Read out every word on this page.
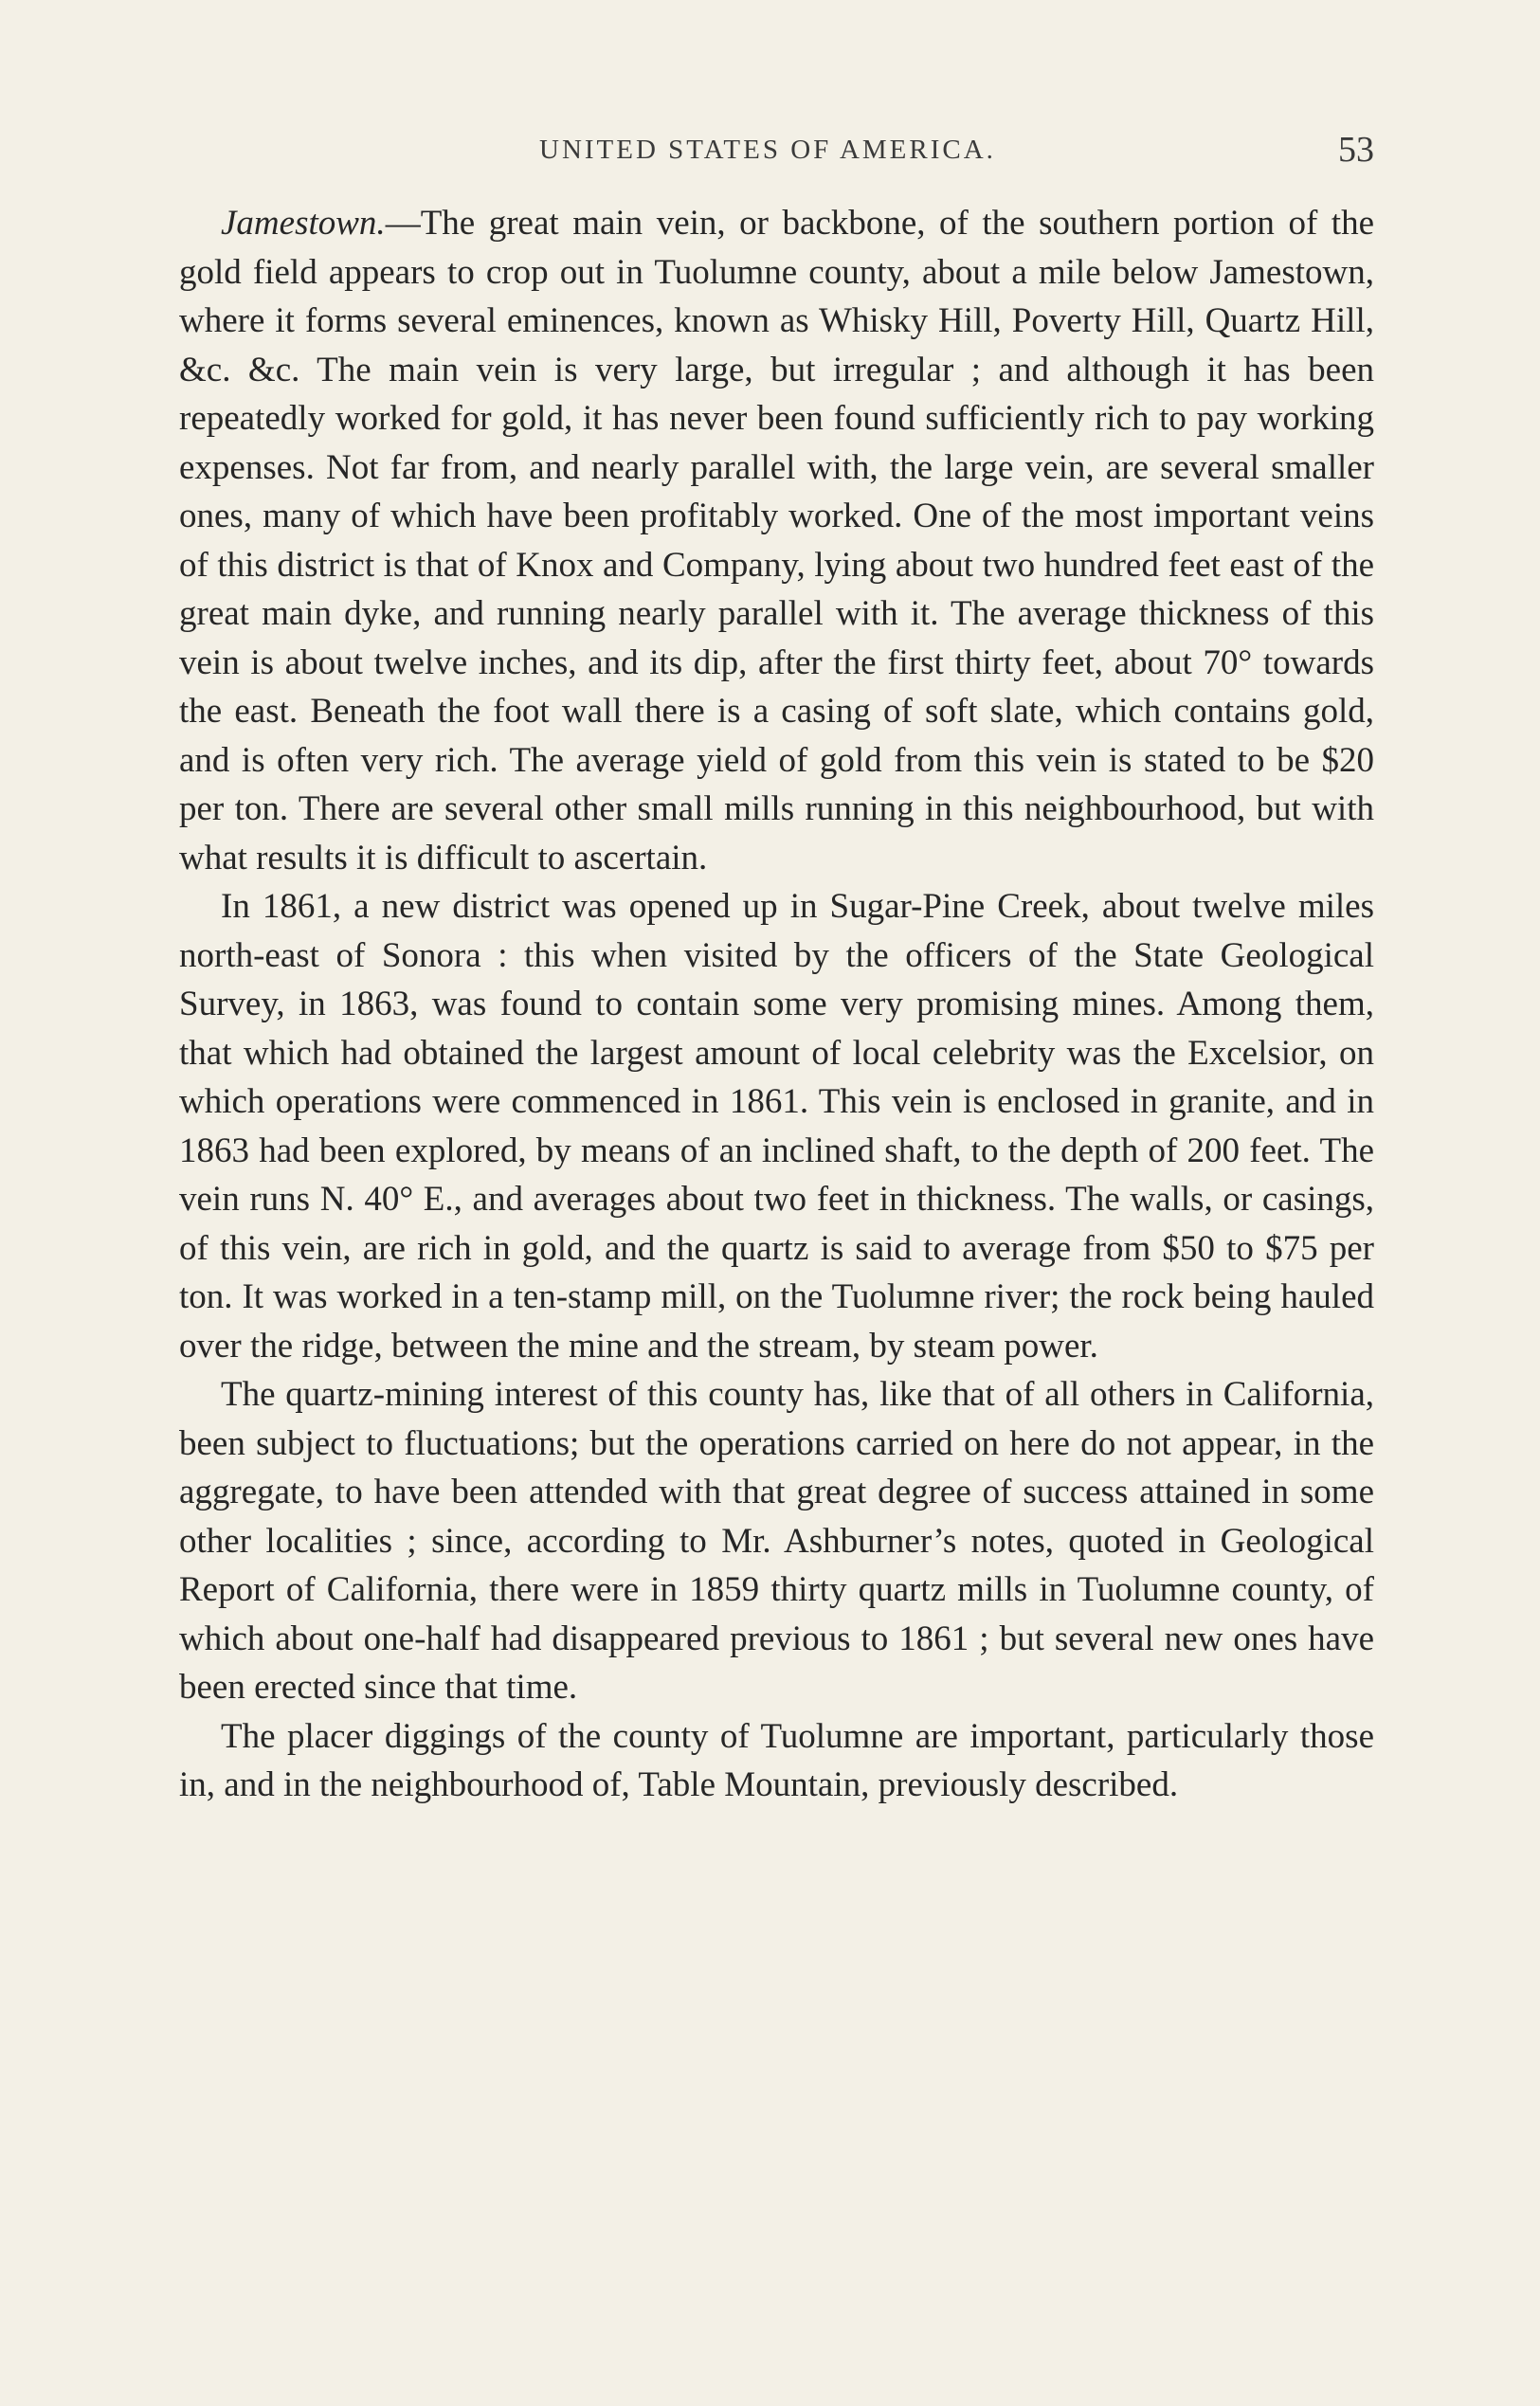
UNITED STATES OF AMERICA.	53

Jamestown.—The great main vein, or backbone, of the southern portion of the gold field appears to crop out in Tuolumne county, about a mile below Jamestown, where it forms several eminences, known as Whisky Hill, Poverty Hill, Quartz Hill, &c. &c. The main vein is very large, but irregular ; and although it has been repeatedly worked for gold, it has never been found sufficiently rich to pay working expenses. Not far from, and nearly parallel with, the large vein, are several smaller ones, many of which have been profitably worked. One of the most important veins of this district is that of Knox and Company, lying about two hundred feet east of the great main dyke, and running nearly parallel with it. The average thickness of this vein is about twelve inches, and its dip, after the first thirty feet, about 70° towards the east. Beneath the foot wall there is a casing of soft slate, which contains gold, and is often very rich. The average yield of gold from this vein is stated to be $20 per ton. There are several other small mills running in this neighbourhood, but with what results it is difficult to ascertain.

In 1861, a new district was opened up in Sugar-Pine Creek, about twelve miles north-east of Sonora : this when visited by the officers of the State Geological Survey, in 1863, was found to contain some very promising mines. Among them, that which had obtained the largest amount of local celebrity was the Excelsior, on which operations were commenced in 1861. This vein is enclosed in granite, and in 1863 had been explored, by means of an inclined shaft, to the depth of 200 feet. The vein runs N. 40° E., and averages about two feet in thickness. The walls, or casings, of this vein, are rich in gold, and the quartz is said to average from $50 to $75 per ton. It was worked in a ten-stamp mill, on the Tuolumne river; the rock being hauled over the ridge, between the mine and the stream, by steam power.

The quartz-mining interest of this county has, like that of all others in California, been subject to fluctuations; but the operations carried on here do not appear, in the aggregate, to have been attended with that great degree of success attained in some other localities ; since, according to Mr. Ashburner’s notes, quoted in Geological Report of California, there were in 1859 thirty quartz mills in Tuolumne county, of which about one-half had disappeared previous to 1861 ; but several new ones have been erected since that time.

The placer diggings of the county of Tuolumne are important, particularly those in, and in the neighbourhood of, Table Mountain, previously described.
